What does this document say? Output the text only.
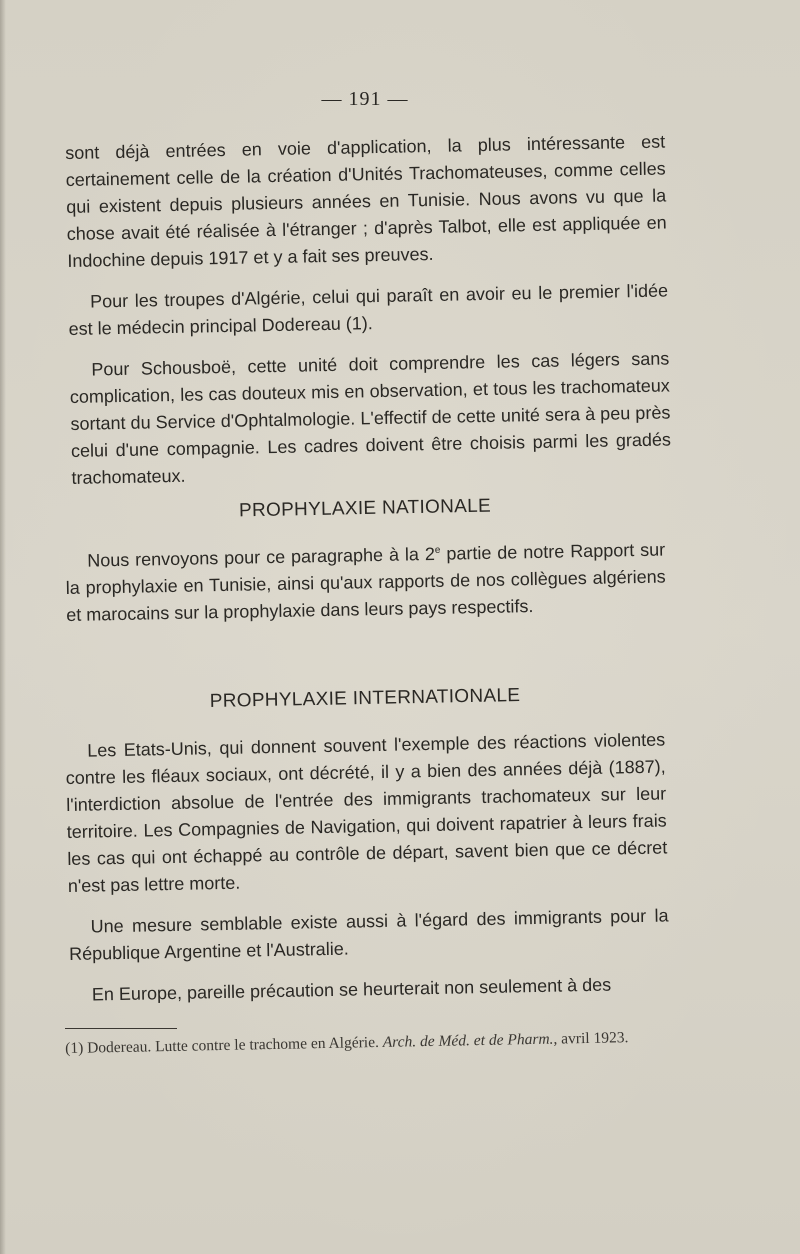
— 191 —

sont déjà entrées en voie d'application, la plus intéressante est certainement celle de la création d'Unités Trachomateuses, comme celles qui existent depuis plusieurs années en Tunisie. Nous avons vu que la chose avait été réalisée à l'étranger ; d'après Talbot, elle est appliquée en Indochine depuis 1917 et y a fait ses preuves.

Pour les troupes d'Algérie, celui qui paraît en avoir eu le premier l'idée est le médecin principal Dodereau (1).

Pour Schousboë, cette unité doit comprendre les cas légers sans complication, les cas douteux mis en observation, et tous les trachomateux sortant du Service d'Ophtalmologie. L'effectif de cette unité sera à peu près celui d'une compagnie. Les cadres doivent être choisis parmi les gradés trachomateux.

PROPHYLAXIE NATIONALE

Nous renvoyons pour ce paragraphe à la 2e partie de notre Rapport sur la prophylaxie en Tunisie, ainsi qu'aux rapports de nos collègues algériens et marocains sur la prophylaxie dans leurs pays respectifs.

PROPHYLAXIE INTERNATIONALE

Les Etats-Unis, qui donnent souvent l'exemple des réactions violentes contre les fléaux sociaux, ont décrété, il y a bien des années déjà (1887), l'interdiction absolue de l'entrée des immigrants trachomateux sur leur territoire. Les Compagnies de Navigation, qui doivent rapatrier à leurs frais les cas qui ont échappé au contrôle de départ, savent bien que ce décret n'est pas lettre morte.

Une mesure semblable existe aussi à l'égard des immigrants pour la République Argentine et l'Australie.

En Europe, pareille précaution se heurterait non seulement à des

(1) Dodereau. Lutte contre le trachome en Algérie. Arch. de Méd. et de Pharm., avril 1923.
